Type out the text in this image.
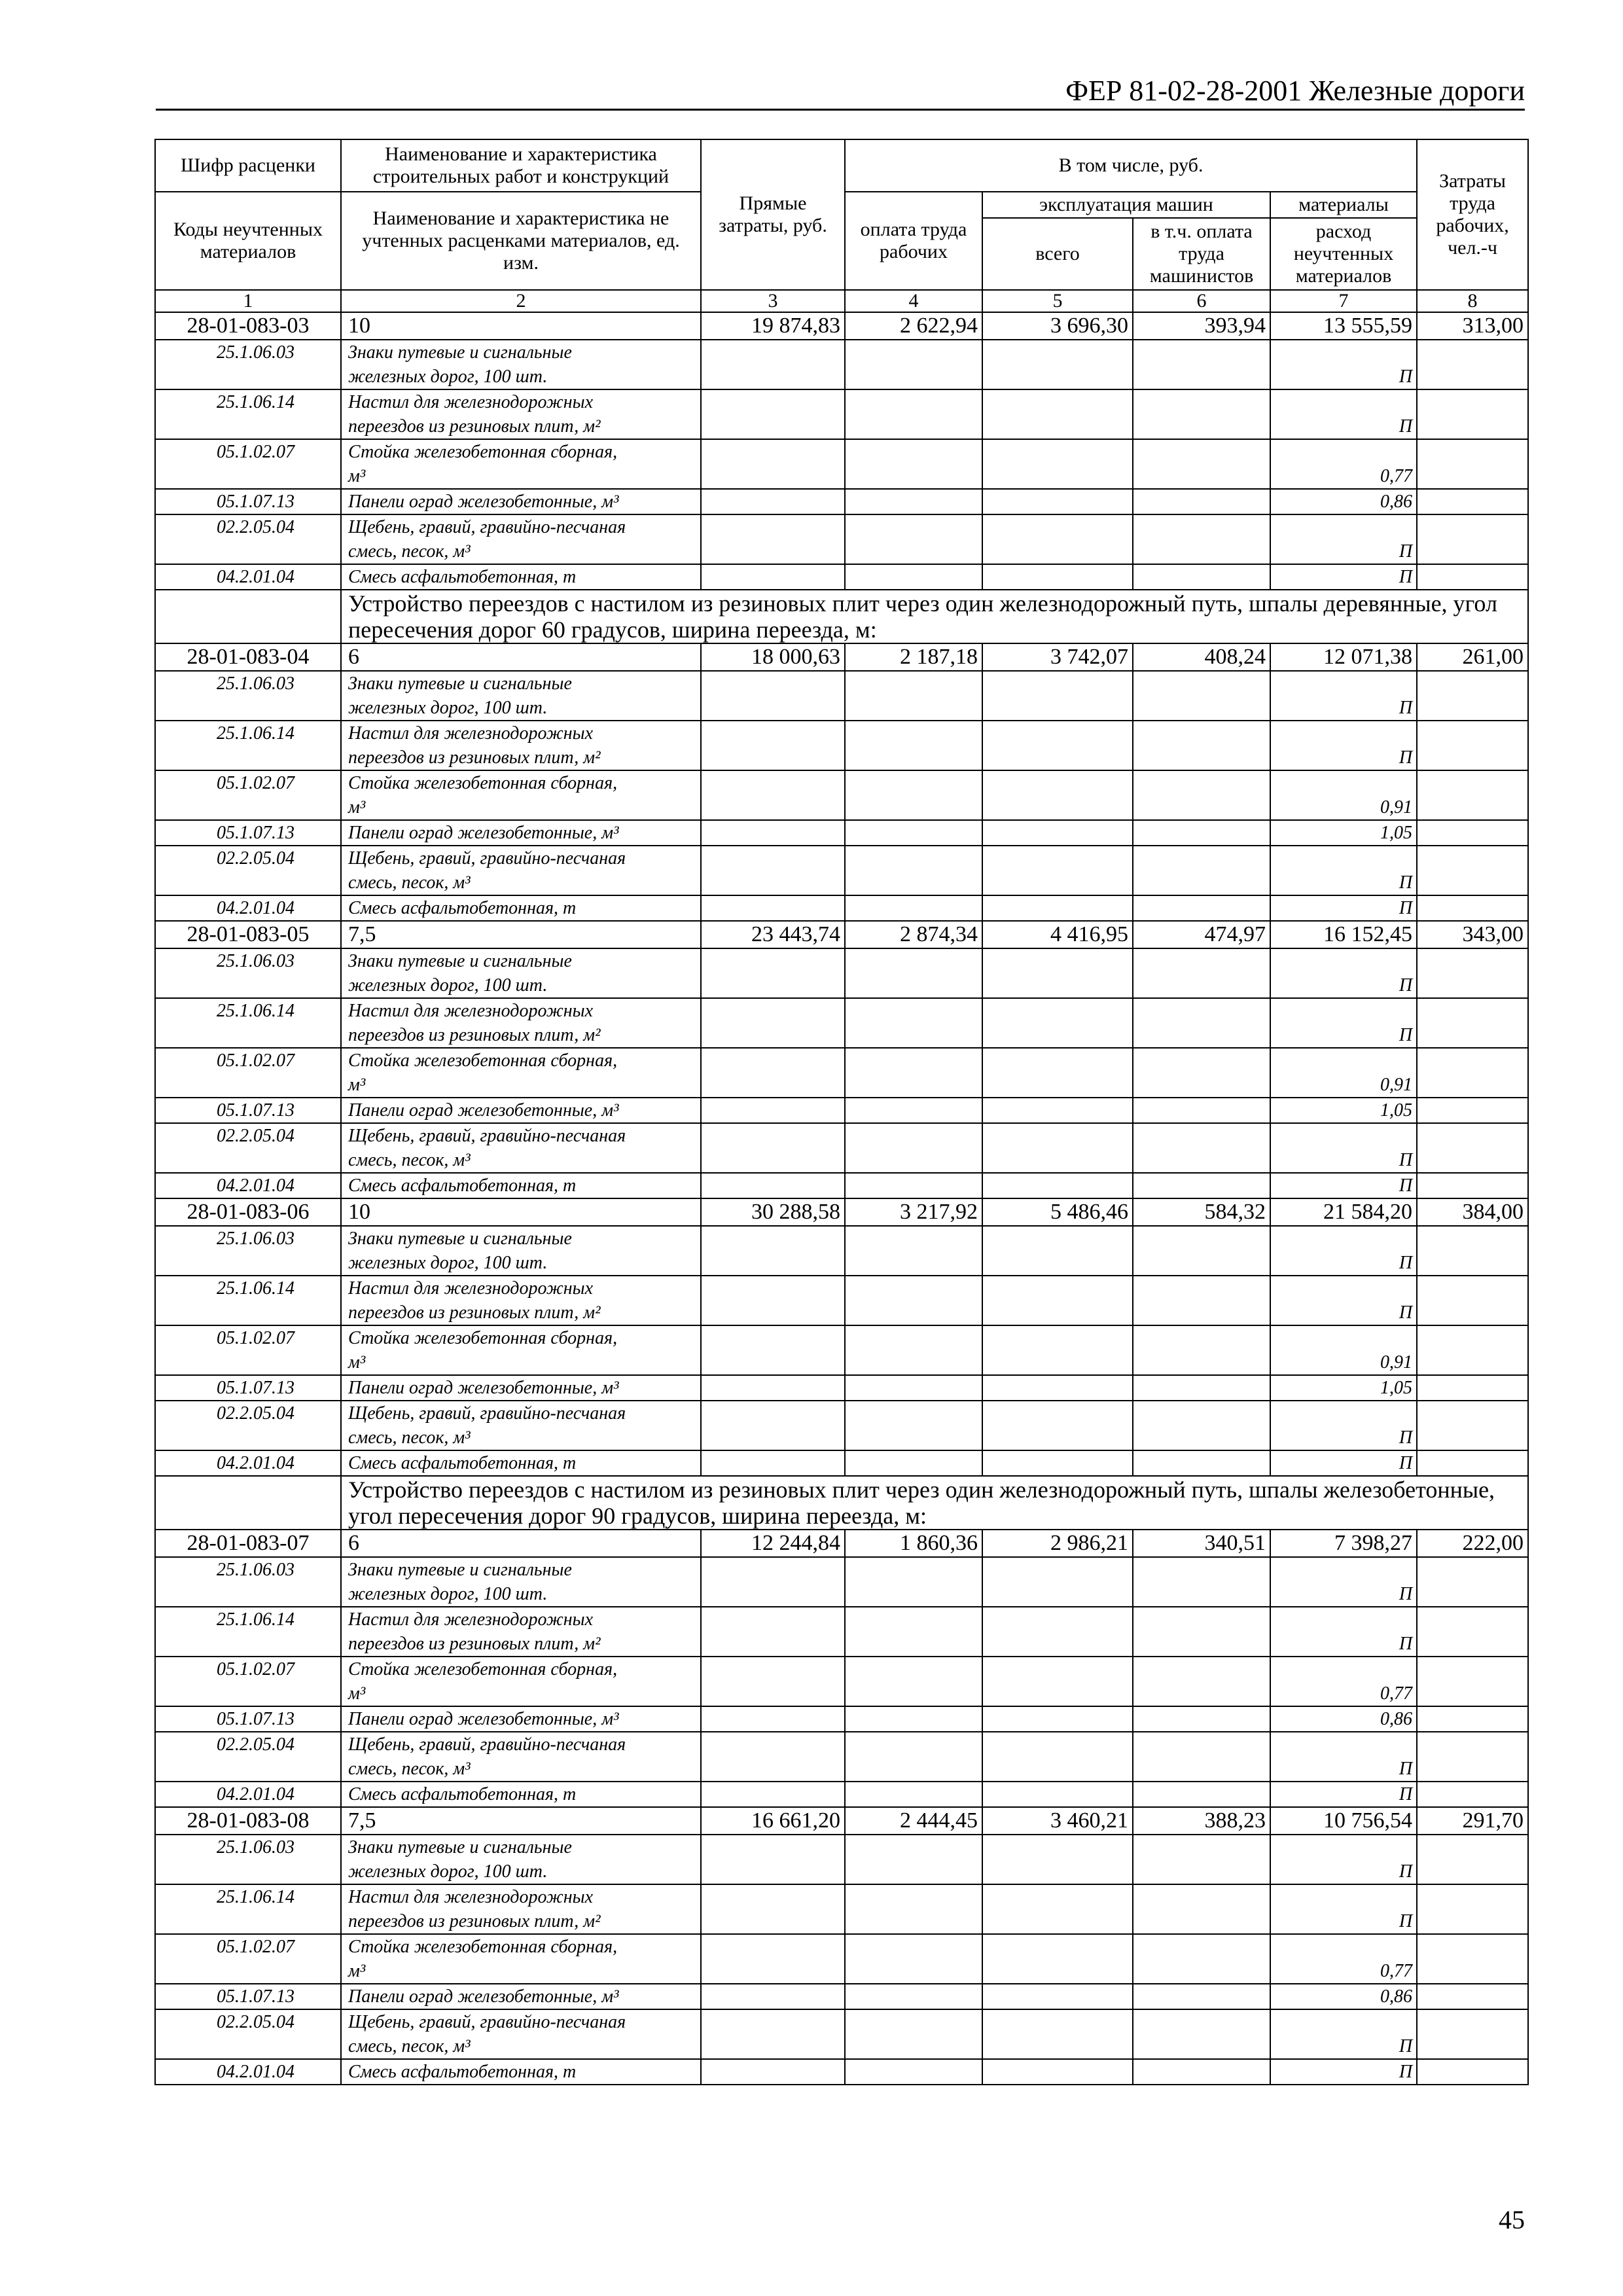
ФЕР 81-02-28-2001 Железные дороги
Шифр расценки	Наименование и характеристика строительных работ и конструкций	Прямые затраты, руб.	В том числе, руб.				Затраты труда рабочих, чел.-ч
Коды неучтенных материалов	Наименование и характеристика не учтенных расценками материалов, ед. изм.		оплата труда рабочих	эксплуатация машин		материалы	
				всего	в т.ч. оплата труда машинистов	расход неучтенных материалов	
1	2	3	4	5	6	7	8
28-01-083-03	10	19 874,83	2 622,94	3 696,30	393,94	13 555,59	313,00
25.1.06.03	Знаки путевые и сигнальные
железных дорог, 100 шт.					П	

25.1.06.14	Настил для железнодорожных
переездов из резиновых плит, м²					П	

05.1.02.07	Стойка железобетонная сборная,
м³					0,77	

05.1.07.13	Панели оград железобетонные, м³					0,86	

02.2.05.04	Щебень, гравий, гравийно-песчаная
смесь, песок, м³					П	

04.2.01.04	Смесь асфальтобетонная, т					П	

	Устройство переездов с настилом из резиновых плит через один железнодорожный путь, шпалы деревянные, угол пересечения дорог 60 градусов, ширина переезда, м:						
28-01-083-04	6	18 000,63	2 187,18	3 742,07	408,24	12 071,38	261,00
25.1.06.03	Знаки путевые и сигнальные
железных дорог, 100 шт.					П	

25.1.06.14	Настил для железнодорожных
переездов из резиновых плит, м²					П	

05.1.02.07	Стойка железобетонная сборная,
м³					0,91	

05.1.07.13	Панели оград железобетонные, м³					1,05	

02.2.05.04	Щебень, гравий, гравийно-песчаная
смесь, песок, м³					П	

04.2.01.04	Смесь асфальтобетонная, т					П	

28-01-083-05	7,5	23 443,74	2 874,34	4 416,95	474,97	16 152,45	343,00
25.1.06.03	Знаки путевые и сигнальные
железных дорог, 100 шт.					П	

25.1.06.14	Настил для железнодорожных
переездов из резиновых плит, м²					П	

05.1.02.07	Стойка железобетонная сборная,
м³					0,91	

05.1.07.13	Панели оград железобетонные, м³					1,05	

02.2.05.04	Щебень, гравий, гравийно-песчаная
смесь, песок, м³					П	

04.2.01.04	Смесь асфальтобетонная, т					П	

28-01-083-06	10	30 288,58	3 217,92	5 486,46	584,32	21 584,20	384,00
25.1.06.03	Знаки путевые и сигнальные
железных дорог, 100 шт.					П	

25.1.06.14	Настил для железнодорожных
переездов из резиновых плит, м²					П	

05.1.02.07	Стойка железобетонная сборная,
м³					0,91	

05.1.07.13	Панели оград железобетонные, м³					1,05	

02.2.05.04	Щебень, гравий, гравийно-песчаная
смесь, песок, м³					П	

04.2.01.04	Смесь асфальтобетонная, т					П	

	Устройство переездов с настилом из резиновых плит через один железнодорожный путь, шпалы железобетонные, угол пересечения дорог 90 градусов, ширина переезда, м:						
28-01-083-07	6	12 244,84	1 860,36	2 986,21	340,51	7 398,27	222,00
25.1.06.03	Знаки путевые и сигнальные
железных дорог, 100 шт.					П	

25.1.06.14	Настил для железнодорожных
переездов из резиновых плит, м²					П	

05.1.02.07	Стойка железобетонная сборная,
м³					0,77	

05.1.07.13	Панели оград железобетонные, м³					0,86	

02.2.05.04	Щебень, гравий, гравийно-песчаная
смесь, песок, м³					П	

04.2.01.04	Смесь асфальтобетонная, т					П	

28-01-083-08	7,5	16 661,20	2 444,45	3 460,21	388,23	10 756,54	291,70
25.1.06.03	Знаки путевые и сигнальные
железных дорог, 100 шт.					П	

25.1.06.14	Настил для железнодорожных
переездов из резиновых плит, м²					П	

05.1.02.07	Стойка железобетонная сборная,
м³					0,77	

05.1.07.13	Панели оград железобетонные, м³					0,86	

02.2.05.04	Щебень, гравий, гравийно-песчаная
смесь, песок, м³					П	

04.2.01.04	Смесь асфальтобетонная, т					П	

45
